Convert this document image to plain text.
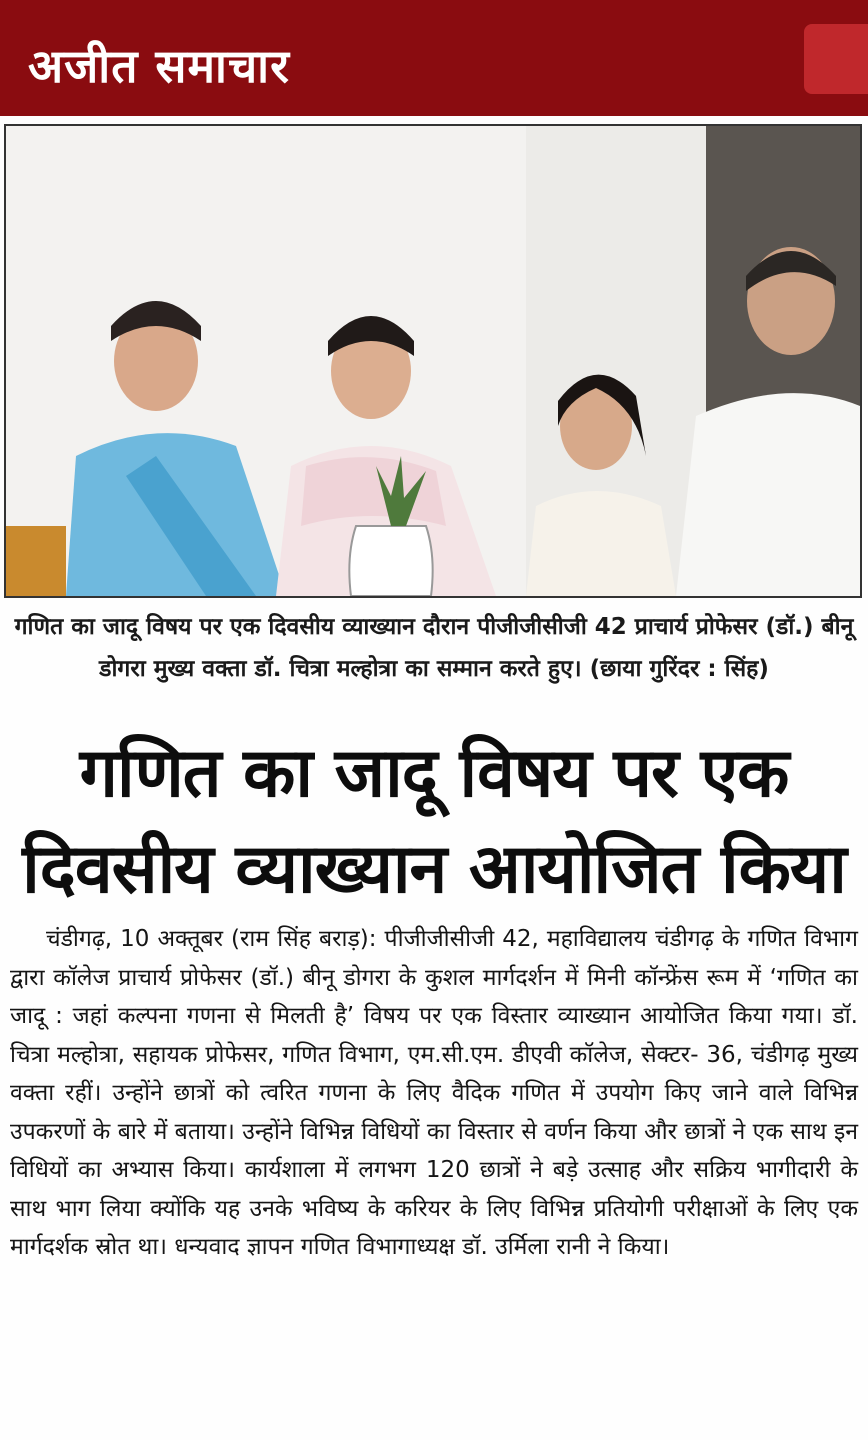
अजीत समाचार
गणित का जादू विषय पर एक दिवसीय व्याख्यान दौरान पीजीजीसीजी 42 प्राचार्य प्रोफेसर (डॉ.) बीनू डोगरा मुख्य वक्ता डॉ. चित्रा मल्होत्रा का सम्मान करते हुए। (छाया गुरिंदर : सिंह)
गणित का जादू विषय पर एक
दिवसीय व्याख्यान आयोजित किया
चंडीगढ़, 10 अक्तूबर (राम सिंह बराड़): पीजीजीसीजी 42, महाविद्यालय चंडीगढ़ के गणित विभाग द्वारा कॉलेज प्राचार्य प्रोफेसर (डॉ.) बीनू डोगरा के कुशल मार्गदर्शन में मिनी कॉन्फ्रेंस रूम में ‘गणित का जादू : जहां कल्पना गणना से मिलती है’ विषय पर एक विस्तार व्याख्यान आयोजित किया गया। डॉ. चित्रा मल्होत्रा, सहायक प्रोफेसर, गणित विभाग, एम.सी.एम. डीएवी कॉलेज, सेक्टर- 36, चंडीगढ़ मुख्य वक्ता रहीं। उन्होंने छात्रों को त्वरित गणना के लिए वैदिक गणित में उपयोग किए जाने वाले विभिन्न उपकरणों के बारे में बताया। उन्होंने विभिन्न विधियों का विस्तार से वर्णन किया और छात्रों ने एक साथ इन विधियों का अभ्यास किया। कार्यशाला में लगभग 120 छात्रों ने बड़े उत्साह और सक्रिय भागीदारी के साथ भाग लिया क्योंकि यह उनके भविष्य के करियर के लिए विभिन्न प्रतियोगी परीक्षाओं के लिए एक मार्गदर्शक स्रोत था। धन्यवाद ज्ञापन गणित विभागाध्यक्ष डॉ. उर्मिला रानी ने किया।
